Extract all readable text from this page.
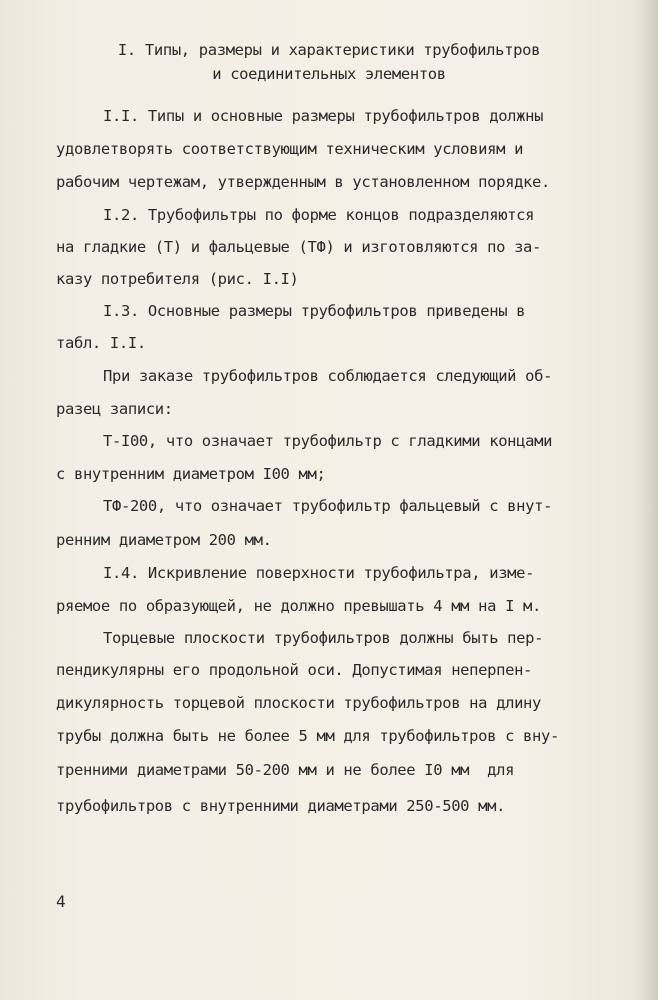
I. Типы, размеры и характеристики трубофильтров
и соединительных элементов
I.I. Типы и основные размеры трубофильтров должны
удовлетворять соответствующим техническим условиям и
рабочим чертежам, утвержденным в установленном порядке.
I.2. Трубофильтры по форме концов подразделяются
на гладкие (Т) и фальцевые (ТФ) и изготовляются по за-
казу потребителя (рис. I.I)
I.3. Основные размеры трубофильтров приведены в
табл. I.I.
При заказе трубофильтров соблюдается следующий об-
разец записи:
Т-I00, что означает трубофильтр с гладкими концами
с внутренним диаметром I00 мм;
ТФ-200, что означает трубофильтр фальцевый с внут-
ренним диаметром 200 мм.
I.4. Искривление поверхности трубофильтра, изме-
ряемое по образующей, не должно превышать 4 мм на I м.
Торцевые плоскости трубофильтров должны быть пер-
пендикулярны его продольной оси. Допустимая неперпен-
дикулярность торцевой плоскости трубофильтров на длину
трубы должна быть не более 5 мм для трубофильтров с вну-
тренними диаметрами 50-200 мм и не более I0 мм  для
трубофильтров с внутренними диаметрами 250-500 мм.
4
